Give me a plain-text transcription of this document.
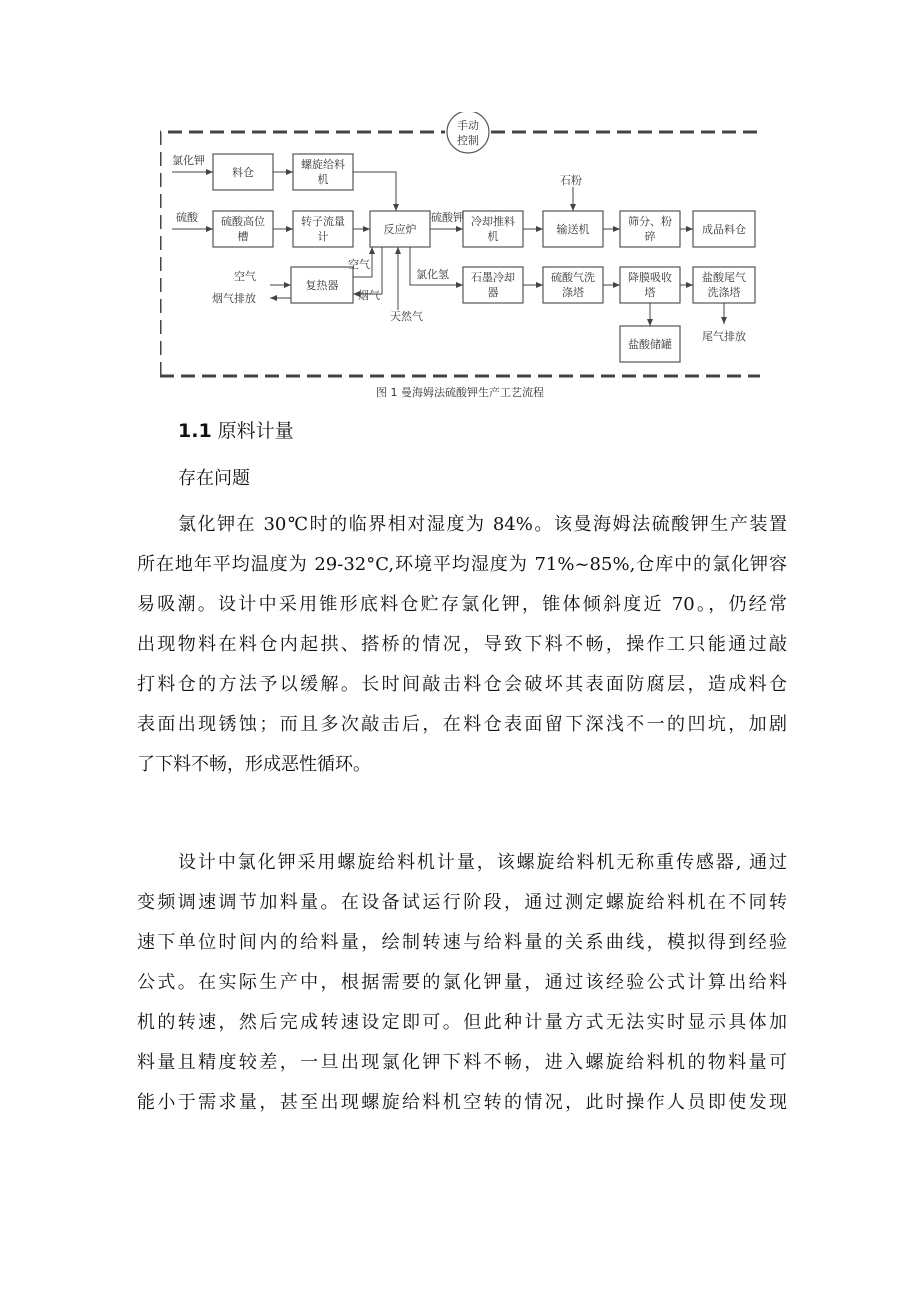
手动
控制
料仓
螺旋给料
机
硫酸高位
槽
转子流量
计
反应炉
冷却推料
机
输送机
筛分、粉
碎
成品料仓
复热器
石墨冷却
器
硫酸气洗
涤塔
降膜吸收
塔
盐酸尾气
洗涤塔
盐酸储罐
氯化钾
硫酸	硫酸钾
石粉
空气
烟气排放
空气
烟气
天然气
氯化氢
尾气排放
图 1 曼海姆法硫酸钾生产工艺流程
1.1 原料计量
存在问题
氯化钾在 30℃时的临界相对湿度为 84%。该曼海姆法硫酸钾生产装置
所在地年平均温度为 29-32°C,环境平均湿度为 71%~85%,仓库中的氯化钾容
易吸潮。设计中采用锥形底料仓贮存氯化钾，锥体倾斜度近 70。，仍经常
出现物料在料仓内起拱、搭桥的情况，导致下料不畅，操作工只能通过敲
打料仓的方法予以缓解。长时间敲击料仓会破坏其表面防腐层，造成料仓
表面出现锈蚀；而且多次敲击后，在料仓表面留下深浅不一的凹坑，加剧
了下料不畅，形成恶性循环。
设计中氯化钾采用螺旋给料机计量，该螺旋给料机无称重传感器, 通过
变频调速调节加料量。在设备试运行阶段，通过测定螺旋给料机在不同转
速下单位时间内的给料量，绘制转速与给料量的关系曲线，模拟得到经验
公式。在实际生产中，根据需要的氯化钾量，通过该经验公式计算出给料
机的转速，然后完成转速设定即可。但此种计量方式无法实时显示具体加
料量且精度较差，一旦出现氯化钾下料不畅，进入螺旋给料机的物料量可
能小于需求量，甚至出现螺旋给料机空转的情况，此时操作人员即使发现
